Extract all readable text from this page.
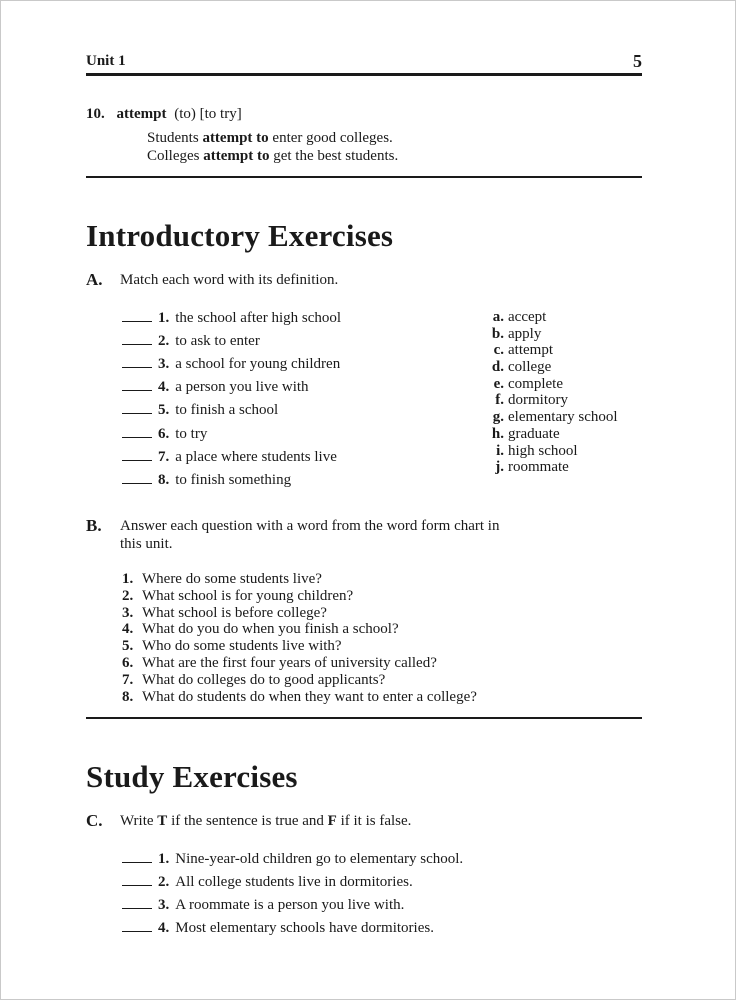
Unit 1	5
10. attempt (to) [to try]
Students attempt to enter good colleges.
Colleges attempt to get the best students.
Introductory Exercises
A. Match each word with its definition.
1. the school after high school
2. to ask to enter
3. a school for young children
4. a person you live with
5. to finish a school
6. to try
7. a place where students live
8. to finish something
a. accept
b. apply
c. attempt
d. college
e. complete
f. dormitory
g. elementary school
h. graduate
i. high school
j. roommate
B. Answer each question with a word from the word form chart in
this unit.
1. Where do some students live?
2. What school is for young children?
3. What school is before college?
4. What do you do when you finish a school?
5. Who do some students live with?
6. What are the first four years of university called?
7. What do colleges do to good applicants?
8. What do students do when they want to enter a college?
Study Exercises
C. Write T if the sentence is true and F if it is false.
1. Nine-year-old children go to elementary school.
2. All college students live in dormitories.
3. A roommate is a person you live with.
4. Most elementary schools have dormitories.
